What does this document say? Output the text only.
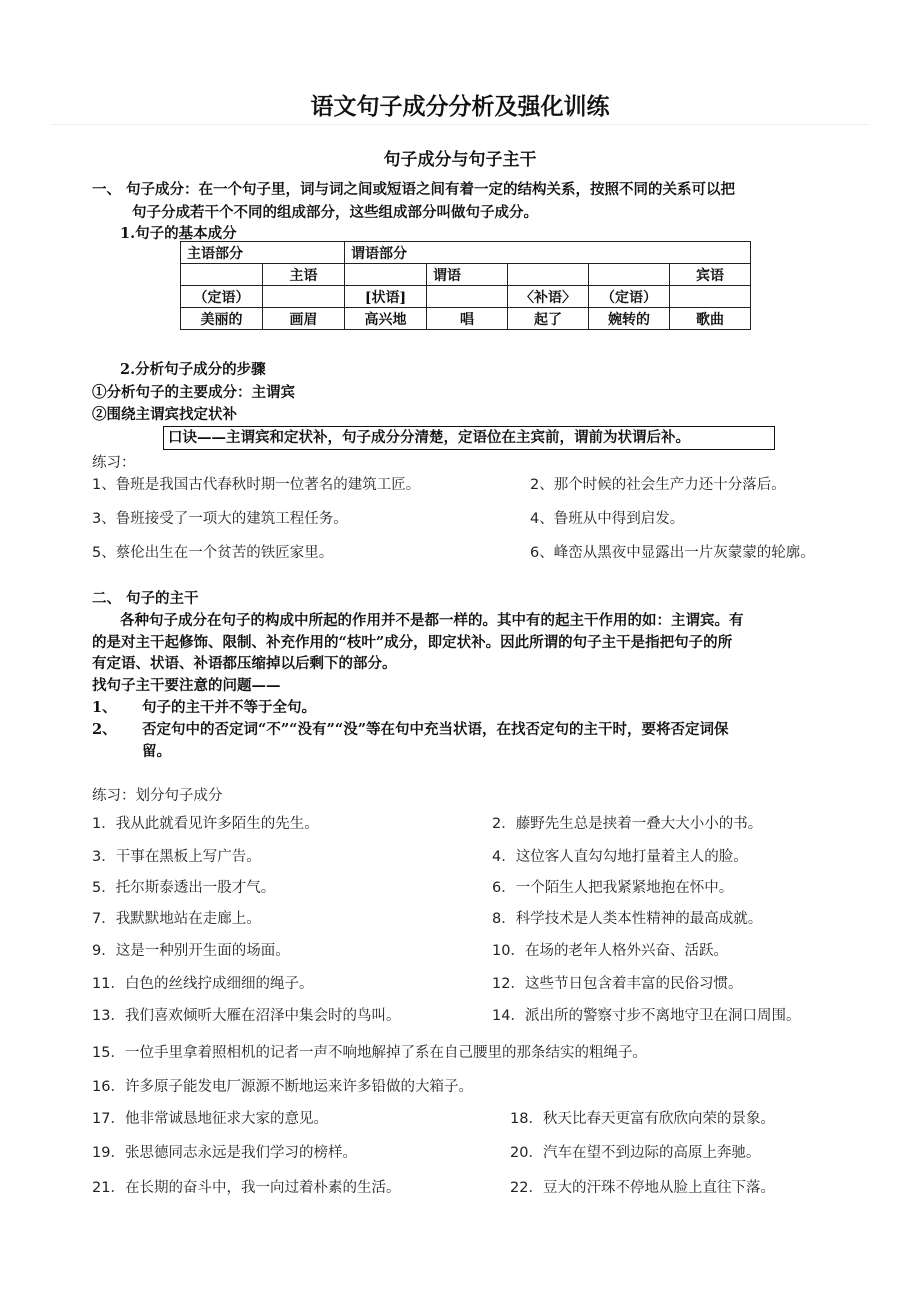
语文句子成分分析及强化训练
句子成分与句子主干
一、 句子成分：在一个句子里，词与词之间或短语之间有着一定的结构关系，按照不同的关系可以把
句子分成若干个不同的组成部分，这些组成部分叫做句子成分。
1.句子的基本成分
主语部分		谓语部分				
	主语		谓语			宾语
（定语）		[状语]		〈补语〉	（定语）	
美丽的	画眉	高兴地	唱	起了	婉转的	歌曲
2.分析句子成分的步骤
①分析句子的主要成分：主谓宾
②围绕主谓宾找定状补
口诀——主谓宾和定状补，句子成分分清楚，定语位在主宾前，谓前为状谓后补。
练习：
1、鲁班是我国古代春秋时期一位著名的建筑工匠。	2、那个时候的社会生产力还十分落后。
3、鲁班接受了一项大的建筑工程任务。	4、鲁班从中得到启发。
5、蔡伦出生在一个贫苦的铁匠家里。	6、峰峦从黑夜中显露出一片灰蒙蒙的轮廓。
二、 句子的主干
各种句子成分在句子的构成中所起的作用并不是都一样的。其中有的起主干作用的如：主谓宾。有
的是对主干起修饰、限制、补充作用的“枝叶”成分，即定状补。因此所谓的句子主干是指把句子的所
有定语、状语、补语都压缩掉以后剩下的部分。
找句子主干要注意的问题——
1、 句子的主干并不等于全句。
2、 否定句中的否定词“不”“没有”“没”等在句中充当状语，在找否定句的主干时，要将否定词保
留。
练习：划分句子成分
1．我从此就看见许多陌生的先生。	2．藤野先生总是挟着一叠大大小小的书。
3．干事在黑板上写广告。	4．这位客人直勾勾地打量着主人的脸。
5．托尔斯泰透出一股才气。	6．一个陌生人把我紧紧地抱在怀中。
7．我默默地站在走廊上。	8．科学技术是人类本性精神的最高成就。
9．这是一种别开生面的场面。	10．在场的老年人格外兴奋、活跃。
11．白色的丝线拧成细细的绳子。	12．这些节日包含着丰富的民俗习惯。
13．我们喜欢倾听大雁在沼泽中集会时的鸟叫。	14．派出所的警察寸步不离地守卫在洞口周围。
15．一位手里拿着照相机的记者一声不响地解掉了系在自己腰里的那条结实的粗绳子。
16．许多原子能发电厂源源不断地运来许多铅做的大箱子。
17．他非常诚恳地征求大家的意见。	18．秋天比春天更富有欣欣向荣的景象。
19．张思德同志永远是我们学习的榜样。	20．汽车在望不到边际的高原上奔驰。
21．在长期的奋斗中，我一向过着朴素的生活。	22．豆大的汗珠不停地从脸上直往下落。
